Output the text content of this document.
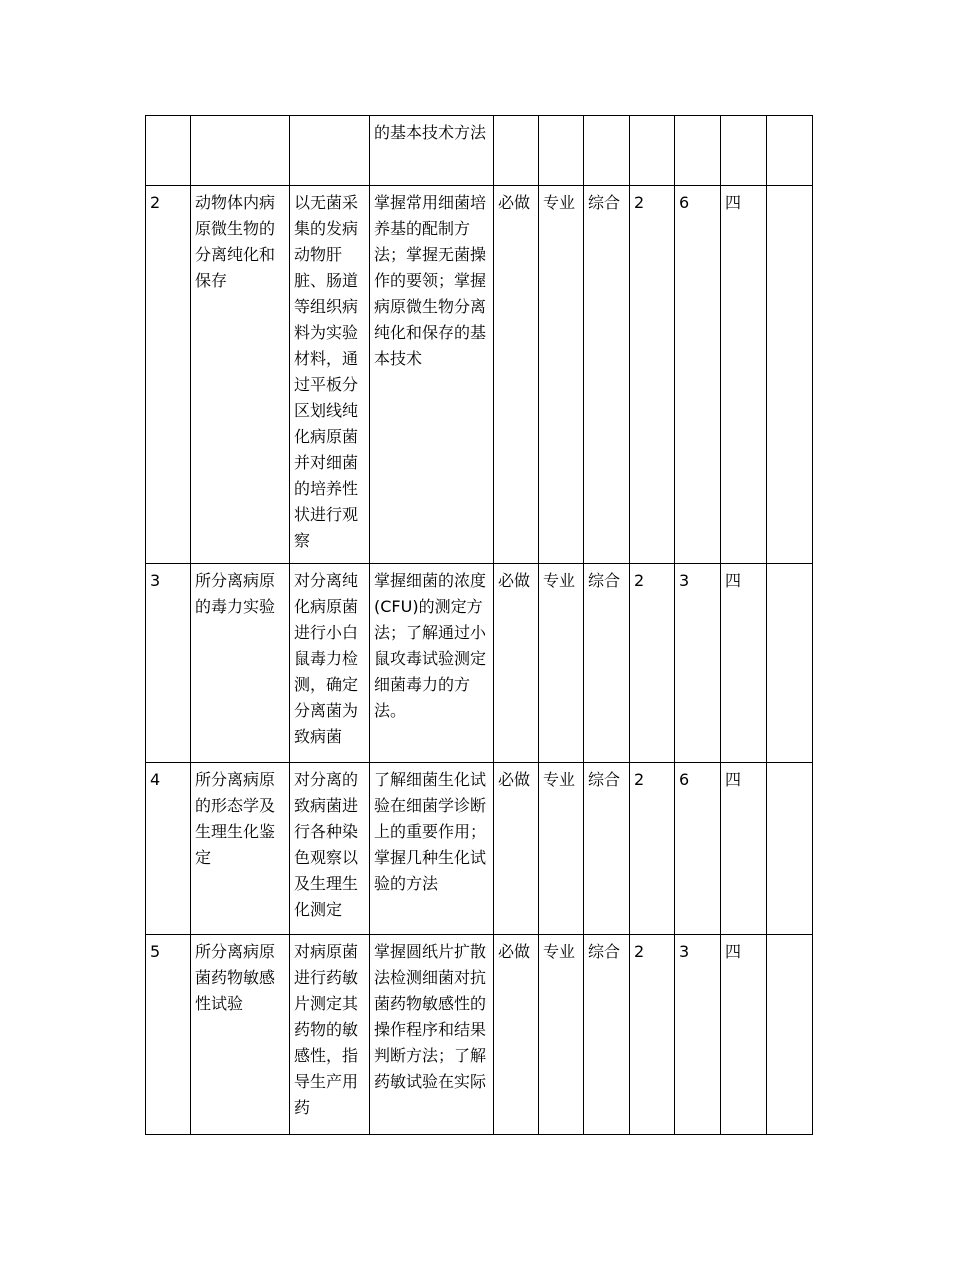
			的基本技术方法							

2	动物体内病原微生物的分离纯化和保存	以无菌采集的发病动物肝脏、肠道等组织病料为实验材料，通过平板分区划线纯化病原菌并对细菌的培养性状进行观察	掌握常用细菌培养基的配制方法；掌握无菌操作的要领；掌握病原微生物分离纯化和保存的基本技术	必做	专业	综合	2	6	四	

3	所分离病原的毒力实验	对分离纯化病原菌进行小白鼠毒力检测，确定分离菌为致病菌	掌握细菌的浓度(CFU)的测定方法；了解通过小鼠攻毒试验测定细菌毒力的方法。	必做	专业	综合	2	3	四	

4	所分离病原的形态学及生理生化鉴定	对分离的致病菌进行各种染色观察以及生理生化测定	了解细菌生化试验在细菌学诊断上的重要作用；掌握几种生化试验的方法	必做	专业	综合	2	6	四	

5	所分离病原菌药物敏感性试验	对病原菌进行药敏片测定其药物的敏感性，指导生产用药	掌握圆纸片扩散法检测细菌对抗菌药物敏感性的操作程序和结果判断方法；了解药敏试验在实际	必做	专业	综合	2	3	四	
